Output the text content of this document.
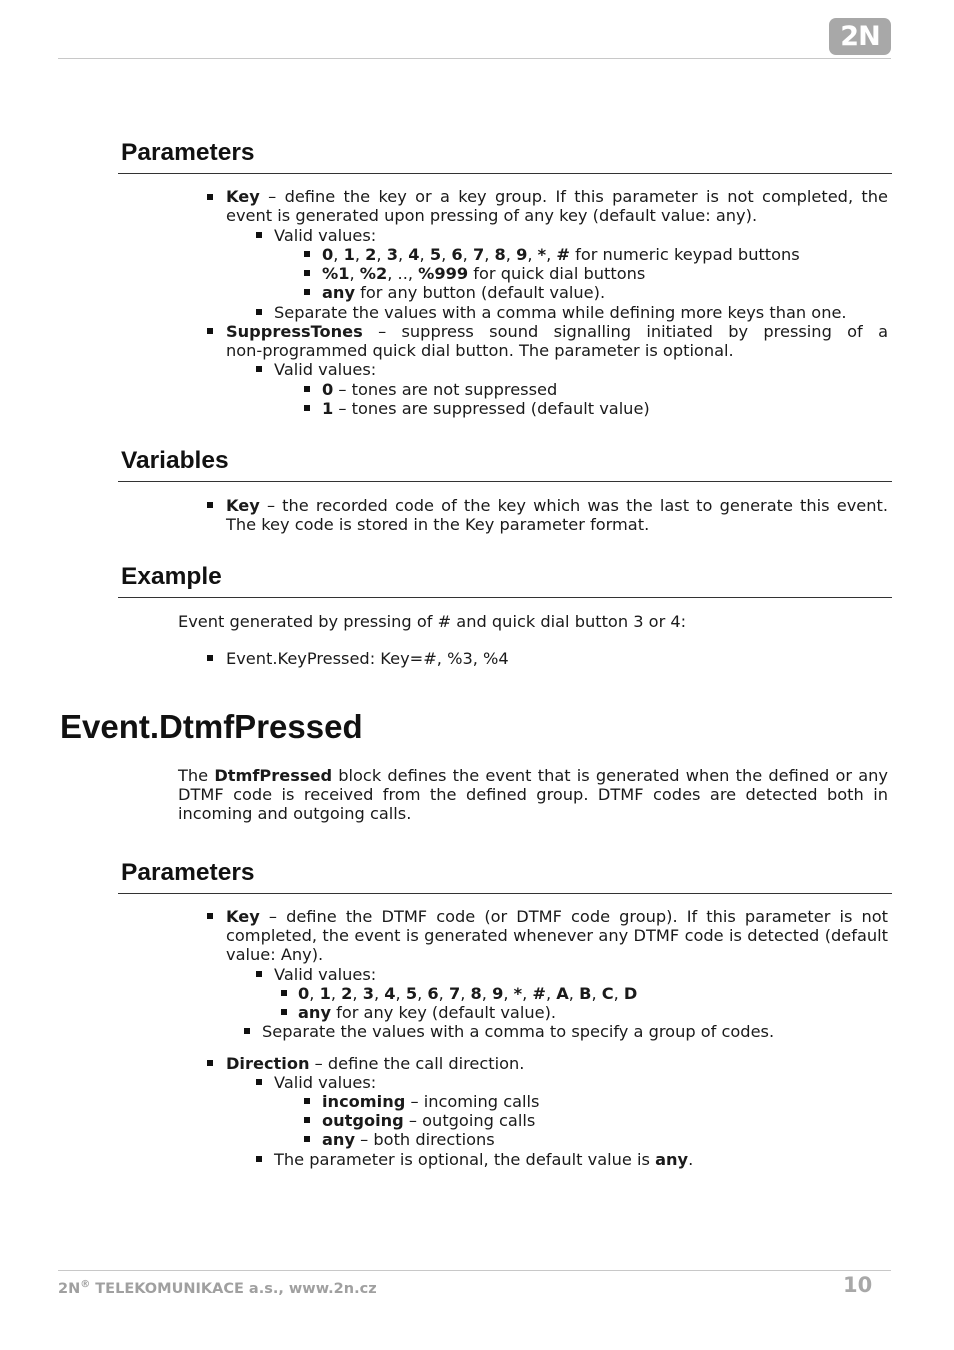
2N
Parameters
Key – define the key or a key group. If this parameter is not completed, the
event is generated upon pressing of any key (default value: any).
Valid values:
0, 1, 2, 3, 4, 5, 6, 7, 8, 9, *, # for numeric keypad buttons
%1, %2, .., %999 for quick dial buttons
any for any button (default value).
Separate the values with a comma while defining more keys than one.
SuppressTones – suppress sound signalling initiated by pressing of a
non-programmed quick dial button. The parameter is optional.
Valid values:
0 – tones are not suppressed
1 – tones are suppressed (default value)
Variables
Key – the recorded code of the key which was the last to generate this event.
The key code is stored in the Key parameter format.
Example
Event generated by pressing of # and quick dial button 3 or 4:
Event.KeyPressed: Key=#, %3, %4
Event.DtmfPressed
The DtmfPressed block defines the event that is generated when the defined or any DTMF code is received from the defined group. DTMF codes are detected both in incoming and outgoing calls.
Parameters
Key – define the DTMF code (or DTMF code group). If this parameter is not
completed, the event is generated whenever any DTMF code is detected (default
value: Any).
Valid values:
0, 1, 2, 3, 4, 5, 6, 7, 8, 9, *, #, A, B, C, D
any for any key (default value).
Separate the values with a comma to specify a group of codes.
Direction – define the call direction.
Valid values:
incoming – incoming calls
outgoing – outgoing calls
any – both directions
The parameter is optional, the default value is any.
2N® TELEKOMUNIKACE a.s., www.2n.cz	10
